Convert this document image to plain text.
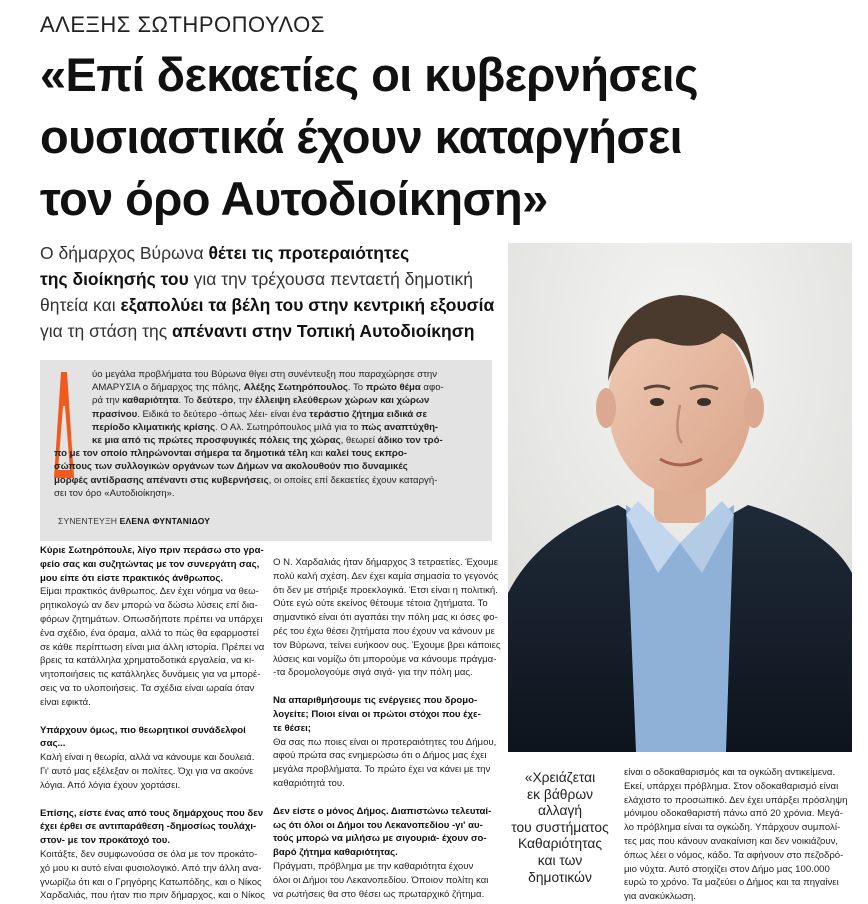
ΑΛΕΞΗΣ ΣΩΤΗΡΟΠΟΥΛΟΣ
«Επί δεκαετίες οι κυβερνήσεις
ουσιαστικά έχουν καταργήσει
τον όρο Αυτοδιοίκηση»
Ο δήμαρχος Βύρωνα θέτει τις προτεραιότητες
της διοίκησής του για την τρέχουσα πενταετή δημοτική
θητεία και εξαπολύει τα βέλη του στην κεντρική εξουσία
για τη στάση της απέναντι στην Τοπική Αυτοδιοίκηση
ύο μεγάλα προβλήματα του Βύρωνα θίγει στη συνέντευξη που παραχώρησε στην
ΑΜΑΡΥΣΙΑ ο δήμαρχος της πόλης, Αλέξης Σωτηρόπουλος. Το πρώτο θέμα αφο-
ρά την καθαριότητα. Το δεύτερο, την έλλειψη ελεύθερων χώρων και χώρων
πρασίνου. Ειδικά το δεύτερο -όπως λέει- είναι ένα τεράστιο ζήτημα ειδικά σε
περίοδο κλιματικής κρίσης. Ο Αλ. Σωτηρόπουλος μιλά για το πώς αναπτύχθη-
κε μια από τις πρώτες προσφυγικές πόλεις της χώρας, θεωρεί άδικο τον τρό-
πο με τον οποίο πληρώνονται σήμερα τα δημοτικά τέλη και καλεί τους εκπρο-
σώπους των συλλογικών οργάνων των Δήμων να ακολουθούν πιο δυναμικές
μορφές αντίδρασης απέναντι στις κυβερνήσεις, οι οποίες επί δεκαετίες έχουν καταργή-
σει τον όρο «Αυτοδιοίκηση».
ΣΥΝΕΝΤΕΥΞΗ ΕΛΕΝΑ ΦΥΝΤΑΝΙΔΟΥ
Κύριε Σωτηρόπουλε, λίγο πριν περάσω στο γρα-
φείο σας και συζητώντας με τον συνεργάτη σας,
μου είπε ότι είστε πρακτικός άνθρωπος.
Είμαι πρακτικός άνθρωπος. Δεν έχει νόημα να θεω-
ρητικολογώ αν δεν μπορώ να δώσω λύσεις επί δια-
φόρων ζητημάτων. Οπωσδήποτε πρέπει να υπάρχει
ένα σχέδιο, ένα όραμα, αλλά το πώς θα εφαρμοστεί
σε κάθε περίπτωση είναι μια άλλη ιστορία. Πρέπει να
βρεις τα κατάλληλα χρηματοδοτικά εργαλεία, να κι-
νητοποιήσεις τις κατάλληλες δυνάμεις για να μπορέ-
σεις να το υλοποιήσεις. Τα σχέδια είναι ωραία όταν
είναι εφικτά.
Υπάρχουν όμως, πιο θεωρητικοί συνάδελφοί
σας...
Καλή είναι η θεωρία, αλλά να κάνουμε και δουλειά.
Γι' αυτό μας εξέλεξαν οι πολίτες. Όχι για να ακούνε
λόγια. Από λόγια έχουν χορτάσει.
Επίσης, είστε ένας από τους δημάρχους που δεν
έχει έρθει σε αντιπαράθεση -δημοσίως τουλάχι-
στον- με τον προκάτοχό του.
Κοιτάξτε, δεν συμφωνούσα σε όλα με τον προκάτο-
χό μου κι αυτό είναι φυσιολογικό. Από την άλλη ανα-
γνωρίζω ότι και ο Γρηγόρης Κατωπόδης, και ο Νίκος
Χαρδαλιάς, που ήταν πιο πριν δήμαρχος, και ο Νίκος
Ο Ν. Χαρδαλιάς ήταν δήμαρχος 3 τετραετίες. Έχουμε
πολύ καλή σχέση. Δεν έχει καμία σημασία το γεγονός
ότι δεν με στήριξε προεκλογικά. Έτσι είναι η πολιτική.
Ούτε εγώ ούτε εκείνος θέτουμε τέτοια ζητήματα. Το
σημαντικό είναι ότι αγαπάει την πόλη μας κι όσες φο-
ρές του έχω θέσει ζητήματα που έχουν να κάνουν με
τον Βύρωνα, τείνει ευήκοον ους. Έχουμε βρει κάποιες
λύσεις και νομίζω ότι μπορούμε να κάνουμε πράγμα-
-τα δρομολογούμε σιγά σιγά- για την πόλη μας.
Να απαριθμήσουμε τις ενέργειες που δρομο-
λογείτε; Ποιοι είναι οι πρώτοι στόχοι που έχε-
τε θέσει;
Θα σας πω ποιες είναι οι προτεραιότητες του Δήμου,
αφού πρώτα σας ενημερώσω ότι ο Δήμος μας έχει
μεγάλα προβλήματα. Το πρώτο έχει να κάνει με την
καθαριότητά του.
Δεν είστε ο μόνος Δήμος. Διαπιστώνω τελευταί-
ως ότι όλοι οι Δήμοι του Λεκανοπεδίου -γι' αυ-
τούς μπορώ να μιλήσω με σιγουριά- έχουν σο-
βαρό ζήτημα καθαριότητας.
Πράγματι, πρόβλημα με την καθαριότητα έχουν
όλοι οι Δήμοι του Λεκανοπεδίου. Όποιον πολίτη και
να ρωτήσεις θα στο θέσει ως πρωταρχικό ζήτημα.
«Χρειάζεται
εκ βάθρων
αλλαγή
του συστήματος
Καθαριότητας
και των
δημοτικών
είναι ο οδοκαθαρισμός και τα ογκώδη αντικείμενα.
Εκεί, υπάρχει πρόβλημα. Στον οδοκαθαρισμό είναι
ελάχιστο το προσωπικό. Δεν έχει υπάρξει πρόσληψη
μόνιμου οδοκαθαριστή πάνω από 20 χρόνια. Μεγά-
λο πρόβλημα είναι τα ογκώδη. Υπάρχουν συμπολί-
τες μας που κάνουν ανακαίνιση και δεν νοικιάζουν,
όπως λέει ο νόμος, κάδο. Τα αφήνουν στο πεζοδρό-
μιο νύχτα. Αυτό στοιχίζει στον Δήμο μας 100.000
ευρώ το χρόνο. Τα μαζεύει ο Δήμος και τα πηγαίνει
για ανακύκλωση.
